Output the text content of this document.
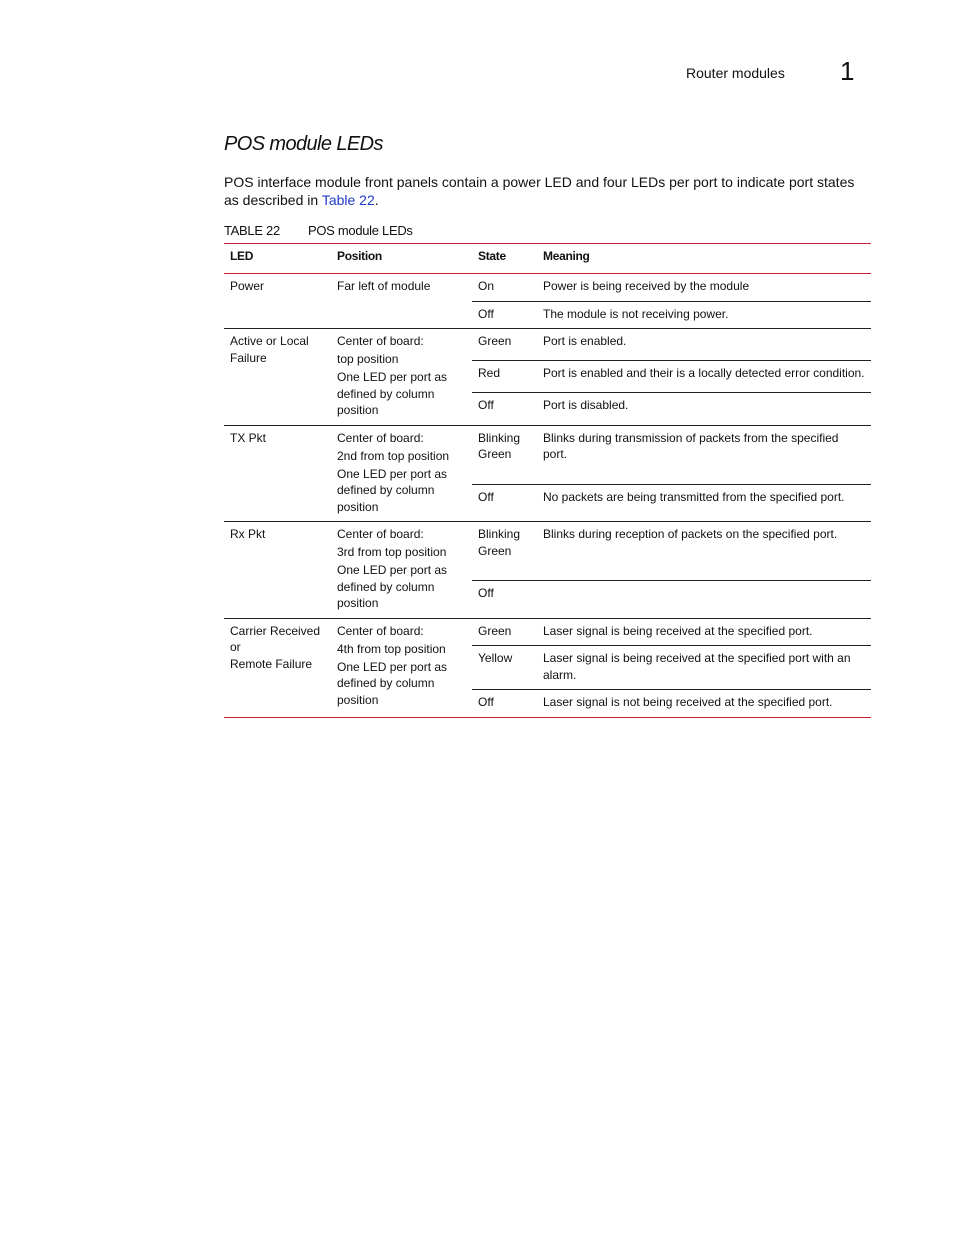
Router modules 1
POS module LEDs

POS interface module front panels contain a power LED and four LEDs per port to indicate port states as described in Table 22.

TABLE 22 POS module LEDs
LED	Position	State	Meaning

Power	Far left of module	On	Power is being received by the module
		Off	The module is not receiving power.

Active or Local Failure	Center of board:
top position
One LED per port as defined by column position	Green	Port is enabled.
		Red	Port is enabled and their is a locally detected error condition.
		Off	Port is disabled.

TX Pkt	Center of board:
2nd from top position
One LED per port as defined by column position	Blinking Green	Blinks during transmission of packets from the specified port.
		Off	No packets are being transmitted from the specified port.

Rx Pkt	Center of board:
3rd from top position
One LED per port as defined by column position	Blinking Green	Blinks during reception of packets on the specified port.
		Off	

Carrier Received or
Remote Failure	Center of board:
4th from top position
One LED per port as defined by column position	Green	Laser signal is being received at the specified port.
		Yellow	Laser signal is being received at the specified port with an alarm.
		Off	Laser signal is not being received at the specified port.
